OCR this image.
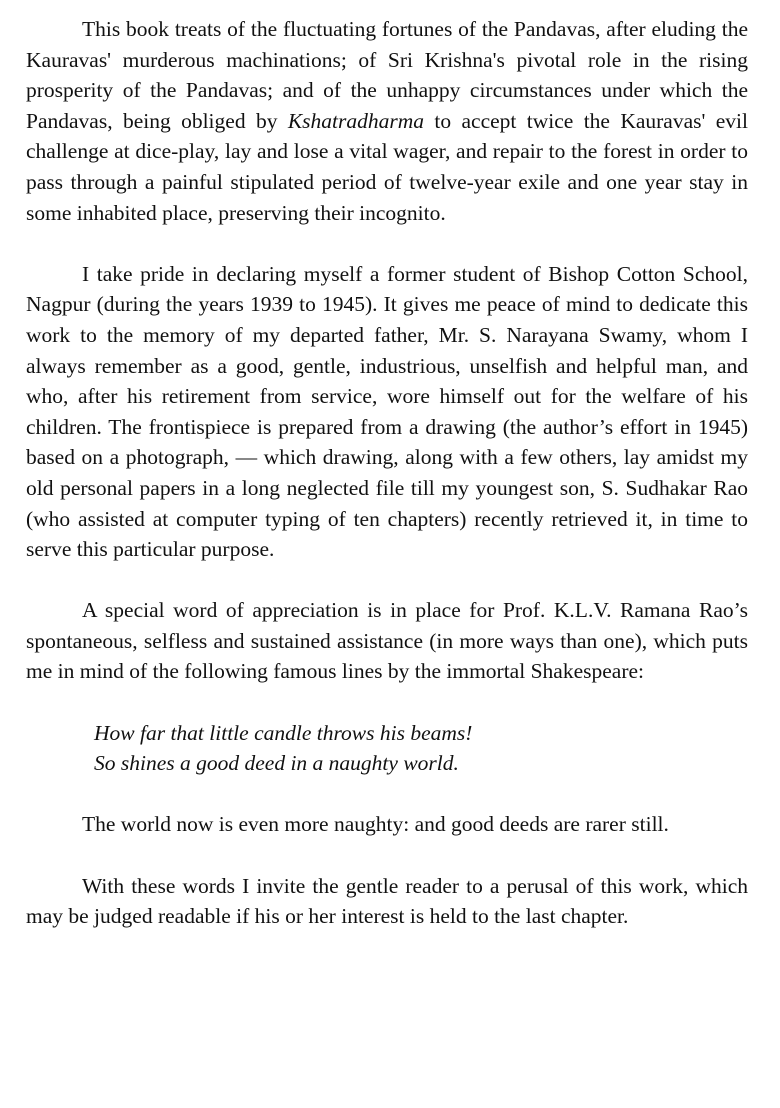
This book treats of the fluctuating fortunes of the Pandavas, after eluding the Kauravas' murderous machinations; of Sri Krishna's pivotal role in the rising prosperity of the Pandavas; and of the unhappy circumstances under which the Pandavas, being obliged by Kshatradharma to accept twice the Kauravas' evil challenge at dice-play, lay and lose a vital wager, and repair to the forest in order to pass through a painful stipulated period of twelve-year exile and one year stay in some inhabited place, preserving their incognito.

I take pride in declaring myself a former student of Bishop Cotton School, Nagpur (during the years 1939 to 1945). It gives me peace of mind to dedicate this work to the memory of my departed father, Mr. S. Narayana Swamy, whom I always remember as a good, gentle, industrious, unselfish and helpful man, and who, after his retirement from service, wore himself out for the welfare of his children. The frontispiece is prepared from a drawing (the author’s effort in 1945) based on a photograph, — which drawing, along with a few others, lay amidst my old personal papers in a long neglected file till my youngest son, S. Sudhakar Rao (who assisted at computer typing of ten chapters) recently retrieved it, in time to serve this particular purpose.

A special word of appreciation is in place for Prof. K.L.V. Ramana Rao’s spontaneous, selfless and sustained assistance (in more ways than one), which puts me in mind of the following famous lines by the immortal Shakespeare:

How far that little candle throws his beams!
So shines a good deed in a naughty world.

The world now is even more naughty: and good deeds are rarer still.

With these words I invite the gentle reader to a perusal of this work, which may be judged readable if his or her interest is held to the last chapter.
